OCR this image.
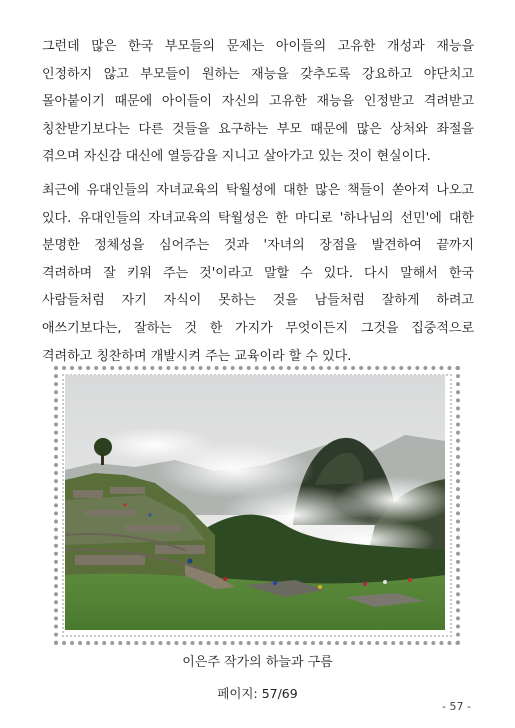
그런데 많은 한국 부모들의 문제는 아이들의 고유한 개성과 재능을
인정하지 않고 부모들이 원하는 재능을 갖추도록 강요하고 야단치고
몰아붙이기 때문에 아이들이 자신의 고유한 재능을 인정받고 격려받고
칭찬받기보다는 다른 것들을 요구하는 부모 때문에 많은 상처와 좌절을
겪으며 자신감 대신에 열등감을 지니고 살아가고 있는 것이 현실이다.
최근에 유대인들의 자녀교육의 탁월성에 대한 많은 책들이 쏟아져 나오고
있다. 유대인들의 자녀교육의 탁월성은 한 마디로 '하나님의 선민'에 대한
분명한 정체성을 심어주는 것과 '자녀의 장점을 발견하여 끝까지
격려하며 잘 키워 주는 것'이라고 말할 수 있다. 다시 말해서 한국
사람들처럼 자기 자식이 못하는 것을 남들처럼 잘하게 하려고
애쓰기보다는, 잘하는 것 한 가지가 무엇이든지 그것을 집중적으로
격려하고 칭찬하며 개발시켜 주는 교육이라 할 수 있다.
이은주 작가의 하늘과 구름
페이지: 57/69
- 57 -
